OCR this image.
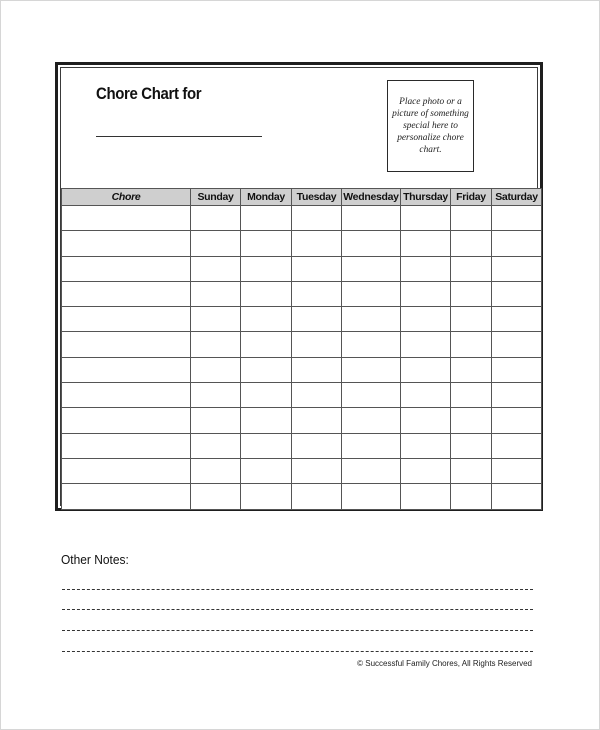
Chore Chart for	Place photo or a picture of something special here to personalize chore chart.
Chore	Sunday	Monday	Tuesday	Wednesday	Thursday	Friday	Saturday

Other Notes:
© Successful Family Chores, All Rights Reserved
